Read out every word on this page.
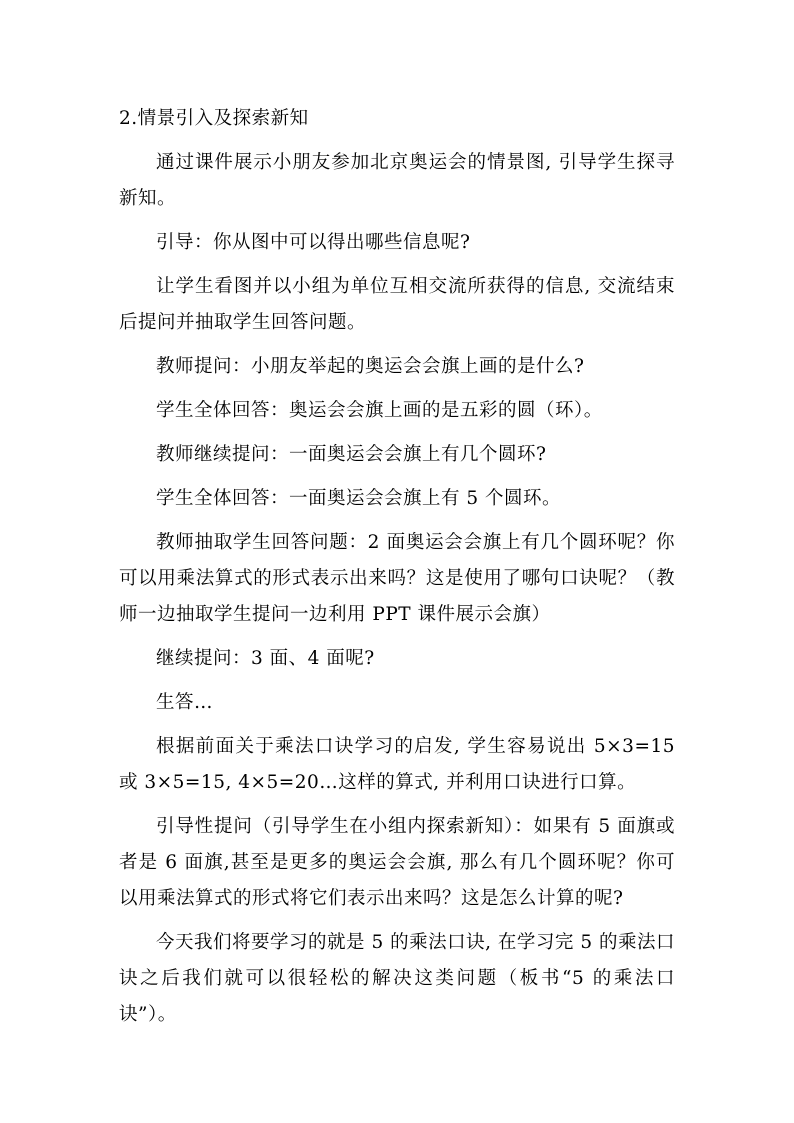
2.情景引入及探索新知

通过课件展示小朋友参加北京奥运会的情景图, 引导学生探寻新知。

引导：你从图中可以得出哪些信息呢?

让学生看图并以小组为单位互相交流所获得的信息, 交流结束后提问并抽取学生回答问题。

教师提问：小朋友举起的奥运会会旗上画的是什么?

学生全体回答：奥运会会旗上画的是五彩的圆（环）。

教师继续提问：一面奥运会会旗上有几个圆环?

学生全体回答：一面奥运会会旗上有 5 个圆环。

教师抽取学生回答问题：2 面奥运会会旗上有几个圆环呢？你可以用乘法算式的形式表示出来吗？这是使用了哪句口诀呢？（教师一边抽取学生提问一边利用 PPT 课件展示会旗）

继续提问：3 面、4 面呢?

生答…

根据前面关于乘法口诀学习的启发, 学生容易说出 5×3=15 或 3×5=15, 4×5=20…这样的算式, 并利用口诀进行口算。

引导性提问（引导学生在小组内探索新知）：如果有 5 面旗或者是 6 面旗,甚至是更多的奥运会会旗, 那么有几个圆环呢？你可以用乘法算式的形式将它们表示出来吗？这是怎么计算的呢?

今天我们将要学习的就是 5 的乘法口诀, 在学习完 5 的乘法口诀之后我们就可以很轻松的解决这类问题（板书“5 的乘法口诀”）。
